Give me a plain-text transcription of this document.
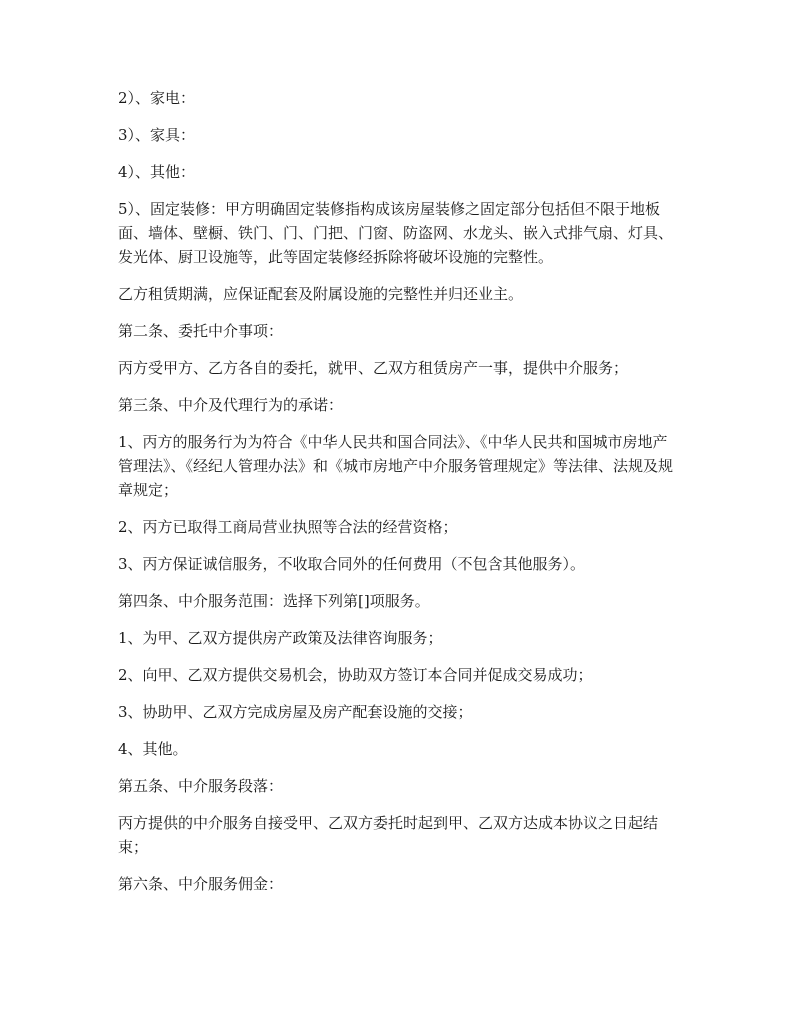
2）、家电：

3）、家具：

4）、其他：

5）、固定装修：甲方明确固定装修指构成该房屋装修之固定部分包括但不限于地板面、墙体、壁橱、铁门、门、门把、门窗、防盗网、水龙头、嵌入式排气扇、灯具、发光体、厨卫设施等，此等固定装修经拆除将破坏设施的完整性。

乙方租赁期满，应保证配套及附属设施的完整性并归还业主。

第二条、委托中介事项：

丙方受甲方、乙方各自的委托，就甲、乙双方租赁房产一事，提供中介服务；

第三条、中介及代理行为的承诺：

1、丙方的服务行为为符合《中华人民共和国合同法》、《中华人民共和国城市房地产管理法》、《经纪人管理办法》和《城市房地产中介服务管理规定》等法律、法规及规章规定；

2、丙方已取得工商局营业执照等合法的经营资格；

3、丙方保证诚信服务，不收取合同外的任何费用（不包含其他服务）。

第四条、中介服务范围：选择下列第[]项服务。

1、为甲、乙双方提供房产政策及法律咨询服务；

2、向甲、乙双方提供交易机会，协助双方签订本合同并促成交易成功；

3、协助甲、乙双方完成房屋及房产配套设施的交接；

4、其他。

第五条、中介服务段落：

丙方提供的中介服务自接受甲、乙双方委托时起到甲、乙双方达成本协议之日起结束；

第六条、中介服务佣金：
